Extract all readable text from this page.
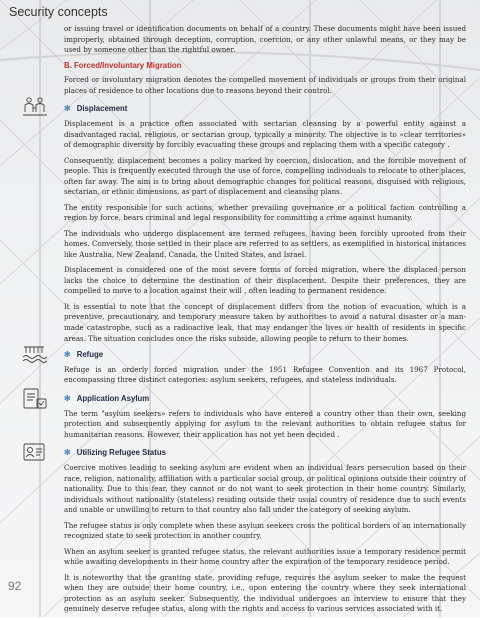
Security concepts

or issuing travel or identification documents on behalf of a country. These documents might have been issued improperly, obtained through deception, corruption, coercion, or any other unlawful means, or they may be used by someone other than the rightful owner.

B. Forced/Involuntary Migration

Forced or involuntary migration denotes the compelled movement of individuals or groups from their original places of residence to other locations due to reasons beyond their control.

✻ Displacement

Displacement is a practice often associated with sectarian cleansing by a powerful entity against a disadvantaged racial, religious, or sectarian group, typically a minority. The objective is to «clear territories» of demographic diversity by forcibly evacuating these groups and replacing them with a specific category .

Consequently, displacement becomes a policy marked by coercion, dislocation, and the forcible movement of people. This is frequently executed through the use of force, compelling individuals to relocate to other places, often far away. The aim is to bring about demographic changes for political reasons, disguised with religious, sectarian, or ethnic dimensions, as part of displacement and cleansing plans.

The entity responsible for such actions, whether prevailing governance or a political faction controlling a region by force, bears criminal and legal responsibility for committing a crime against humanity.

The individuals who undergo displacement are termed refugees, having been forcibly uprooted from their homes. Conversely, those settled in their place are referred to as settlers, as exemplified in historical instances like Australia, New Zealand, Canada, the United States, and Israel.

Displacement is considered one of the most severe forms of forced migration, where the displaced person lacks the choice to determine the destination of their displacement. Despite their preferences, they are compelled to move to a location against their will , often leading to permanent residence.

It is essential to note that the concept of displacement differs from the notion of evacuation, which is a preventive, precautionary, and temporary measure taken by authorities to avoid a natural disaster or a man-made catastrophe, such as a radioactive leak, that may endanger the lives or health of residents in specific areas. The situation concludes once the risks subside, allowing people to return to their homes.

✻ Refuge

Refuge is an orderly forced migration under the 1951 Refugee Convention and its 1967 Protocol, encompassing three distinct categories: asylum seekers, refugees, and stateless individuals.

✻ Application Asylum

The term "asylum seekers» refers to individuals who have entered a country other than their own, seeking protection and subsequently applying for asylum to the relevant authorities to obtain refugee status for humanitarian reasons. However, their application has not yet been decided .

✻ Utilizing Refugee Status

Coercive motives leading to seeking asylum are evident when an individual fears persecution based on their race, religion, nationality, affiliation with a particular social group, or political opinions outside their country of nationality. Due to this fear, they cannot or do not want to seek protection in their home country. Similarly, individuals without nationality (stateless) residing outside their usual country of residence due to such events and unable or unwilling to return to that country also fall under the category of seeking asylum.

The refugee status is only complete when these asylum seekers cross the political borders of an internationally recognized state to seek protection in another country.

When an asylum seeker is granted refugee status, the relevant authorities issue a temporary residence permit while awaiting developments in their home country after the expiration of the temporary residence period.

It is noteworthy that the granting state, providing refuge, requires the asylum seeker to make the request when they are outside their home country, i.e., upon entering the country where they seek international protection as an asylum seeker. Subsequently, the individual undergoes an interview to ensure that they genuinely deserve refugee status, along with the rights and access to various services associated with it.

92
